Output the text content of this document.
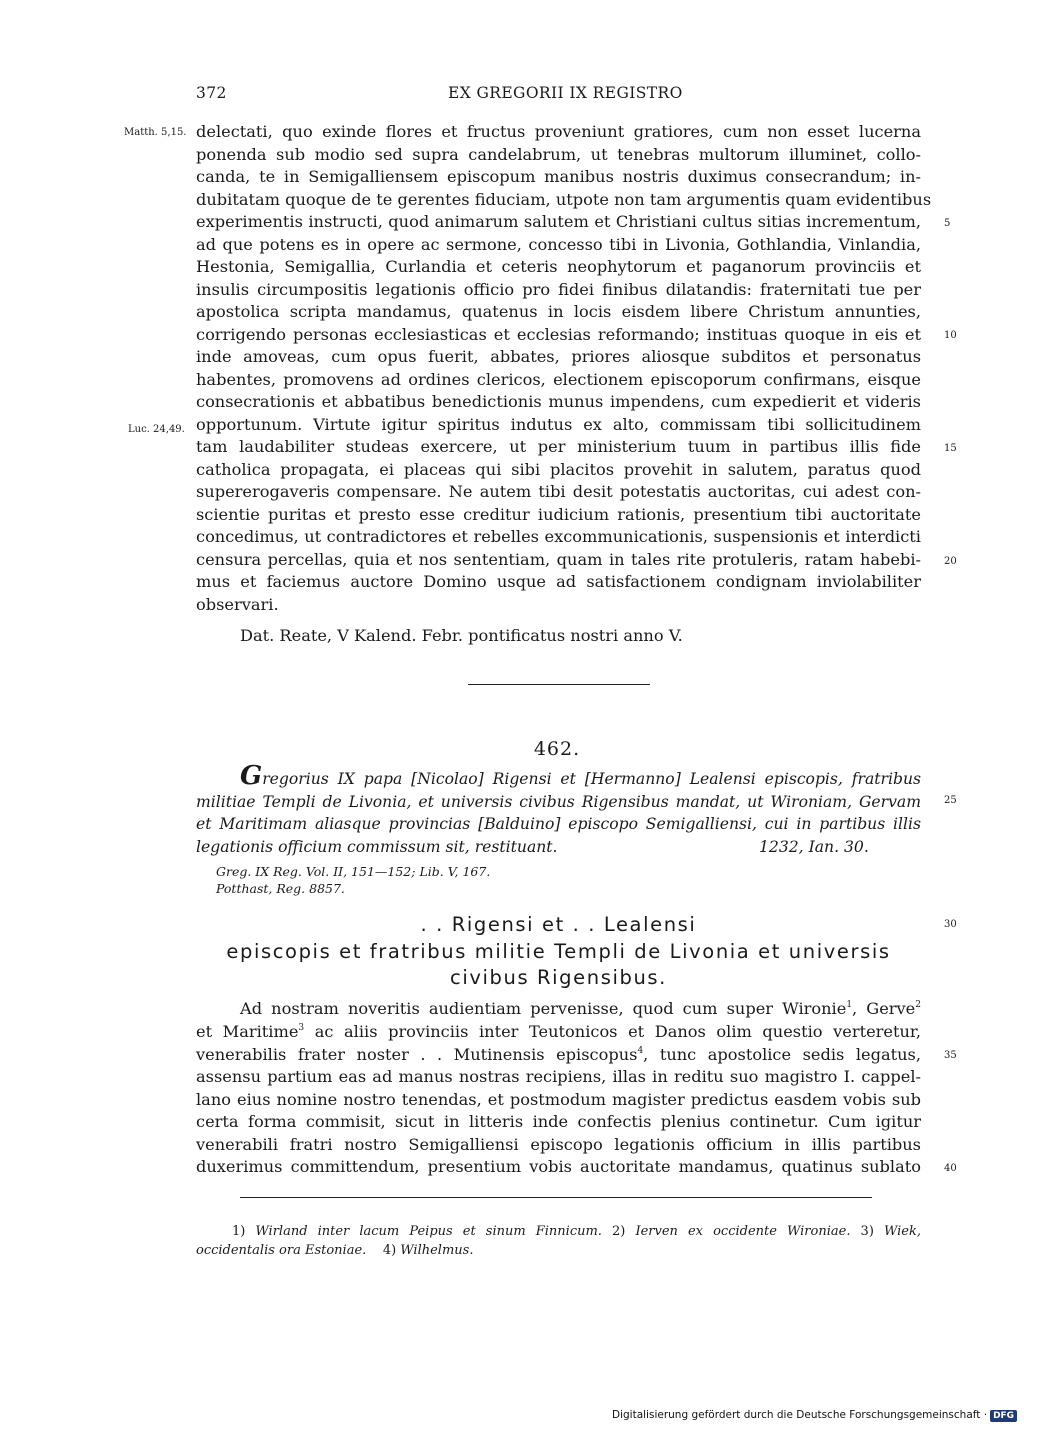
372	EX GREGORII IX REGISTRO
Matth. 5,15.
Luc. 24,49.
delectati, quo exinde flores et fructus proveniunt gratiores, cum non esset lucerna
ponenda sub modio sed supra candelabrum, ut tenebras multorum illuminet, collo-
canda, te in Semigalliensem episcopum manibus nostris duximus consecrandum; in-
dubitatam quoque de te gerentes fiduciam, utpote non tam argumentis quam evidentibus
experimentis instructi, quod animarum salutem et Christiani cultus sitias incrementum,
ad que potens es in opere ac sermone, concesso tibi in Livonia, Gothlandia, Vinlandia,
Hestonia, Semigallia, Curlandia et ceteris neophytorum et paganorum provinciis et
insulis circumpositis legationis officio pro fidei finibus dilatandis: fraternitati tue per
apostolica scripta mandamus, quatenus in locis eisdem libere Christum annunties,
corrigendo personas ecclesiasticas et ecclesias reformando; instituas quoque in eis et
inde amoveas, cum opus fuerit, abbates, priores aliosque subditos et personatus
habentes, promovens ad ordines clericos, electionem episcoporum confirmans, eisque
consecrationis et abbatibus benedictionis munus impendens, cum expedierit et videris
opportunum. Virtute igitur spiritus indutus ex alto, commissam tibi sollicitudinem
tam laudabiliter studeas exercere, ut per ministerium tuum in partibus illis fide
catholica propagata, ei placeas qui sibi placitos provehit in salutem, paratus quod
supererogaveris compensare. Ne autem tibi desit potestatis auctoritas, cui adest con-
scientie puritas et presto esse creditur iudicium rationis, presentium tibi auctoritate
concedimus, ut contradictores et rebelles excommunicationis, suspensionis et interdicti
censura percellas, quia et nos sententiam, quam in tales rite protuleris, ratam habebi-
mus et faciemus auctore Domino usque ad satisfactionem condignam inviolabiliter
observari.
Dat. Reate, V Kalend. Febr. pontificatus nostri anno V.
5
10
15
20
25
30
35
40
462.
Gregorius IX papa [Nicolao] Rigensi et [Hermanno] Lealensi episcopis, fratribus
militiae Templi de Livonia, et universis civibus Rigensibus mandat, ut Wironiam, Gervam
et Maritimam aliasque provincias [Balduino] episcopo Semigalliensi, cui in partibus illis
legationis officium commissum sit, restituant.	1232, Ian. 30.
Greg. IX Reg. Vol. II, 151—152; Lib. V, 167.
Potthast, Reg. 8857.
. . Rigensi et . . Lealensi
episcopis et fratribus militie Templi de Livonia et universis
civibus Rigensibus.
Ad nostram noveritis audientiam pervenisse, quod cum super Wironie$^1$, Gerve$^2$
et Maritime$^3$ ac aliis provinciis inter Teutonicos et Danos olim questio verteretur,
venerabilis frater noster . . Mutinensis episcopus$^4$, tunc apostolice sedis legatus,
assensu partium eas ad manus nostras recipiens, illas in reditu suo magistro I. cappel-
lano eius nomine nostro tenendas, et postmodum magister predictus easdem vobis sub
certa forma commisit, sicut in litteris inde confectis plenius continetur. Cum igitur
venerabili fratri nostro Semigalliensi episcopo legationis officium in illis partibus
duxerimus committendum, presentium vobis auctoritate mandamus, quatinus sublato
1) Wirland inter lacum Peipus et sinum Finnicum. 2) Ierven ex occidente Wironiae. 3) Wiek,
occidentalis ora Estoniae. 4) Wilhelmus.
Digitalisierung gefördert durch die Deutsche Forschungsgemeinschaft · DFG
